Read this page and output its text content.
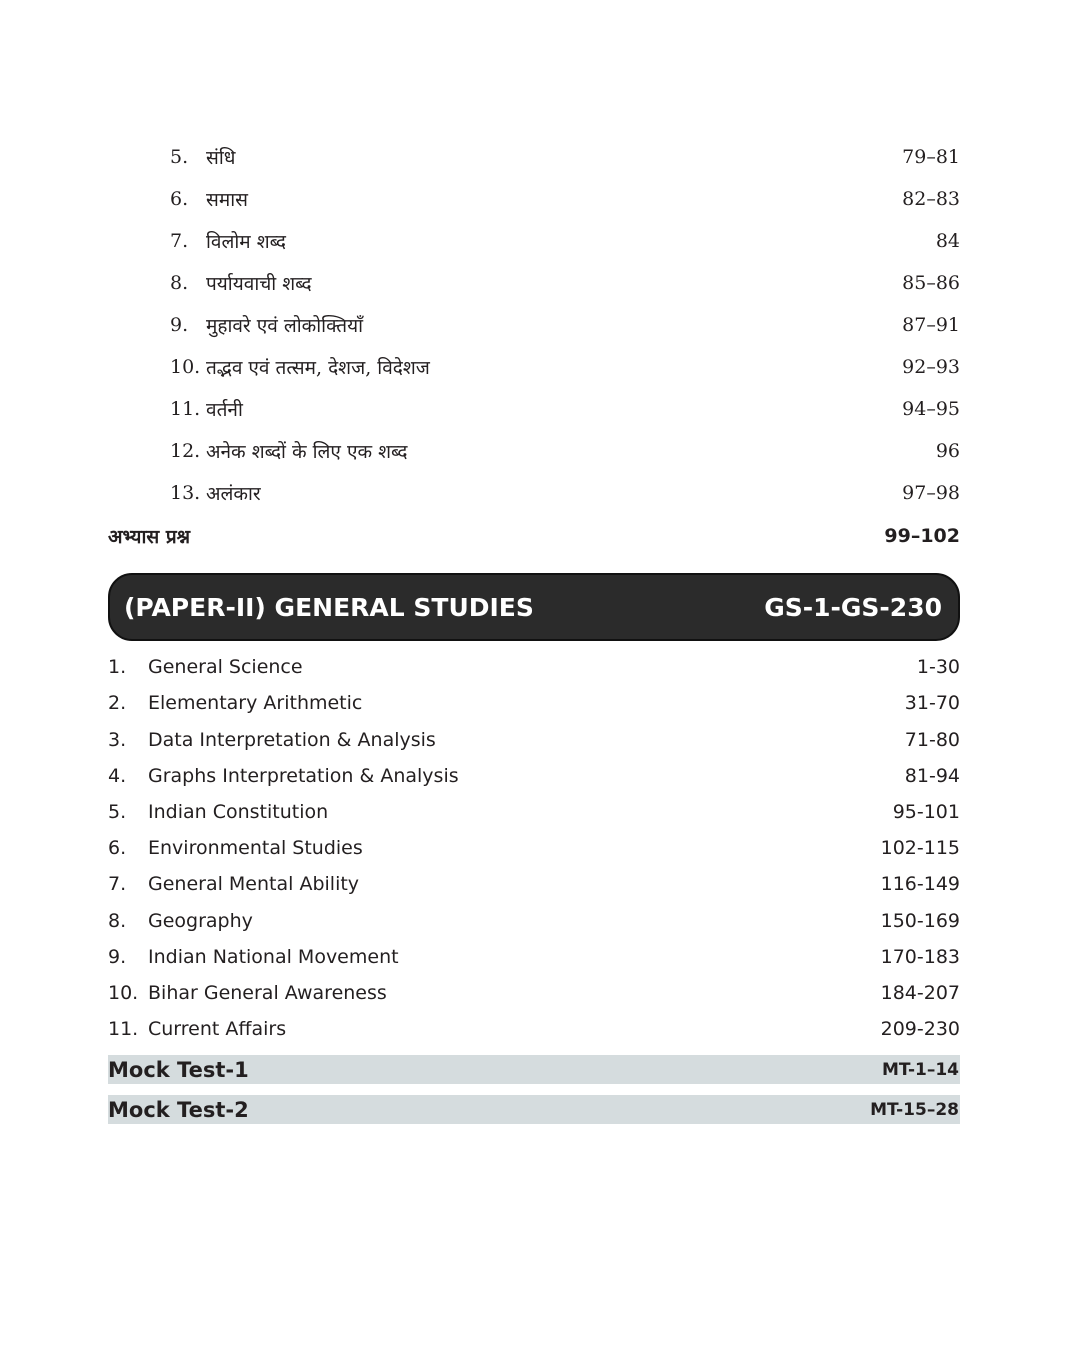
5. संधि	79–81
6. समास	82–83
7. विलोम शब्द	84
8. पर्यायवाची शब्द	85–86
9. मुहावरे एवं लोकोक्तियाँ	87–91
10. तद्भव एवं तत्सम, देशज, विदेशज	92–93
11. वर्तनी	94–95
12. अनेक शब्दों के लिए एक शब्द	96
13. अलंकार	97–98
अभ्यास प्रश्न	99–102
(PAPER-II) GENERAL STUDIES	GS-1-GS-230
1.	General Science	1-30
2.	Elementary Arithmetic	31-70
3.	Data Interpretation & Analysis	71-80
4.	Graphs Interpretation & Analysis	81-94
5.	Indian Constitution	95-101
6.	Environmental Studies	102-115
7.	General Mental Ability	116-149
8.	Geography	150-169
9.	Indian National Movement	170-183
10. Bihar General Awareness	184-207
11. Current Affairs	209-230
Mock Test-1	MT-1–14
Mock Test-2	MT-15–28
